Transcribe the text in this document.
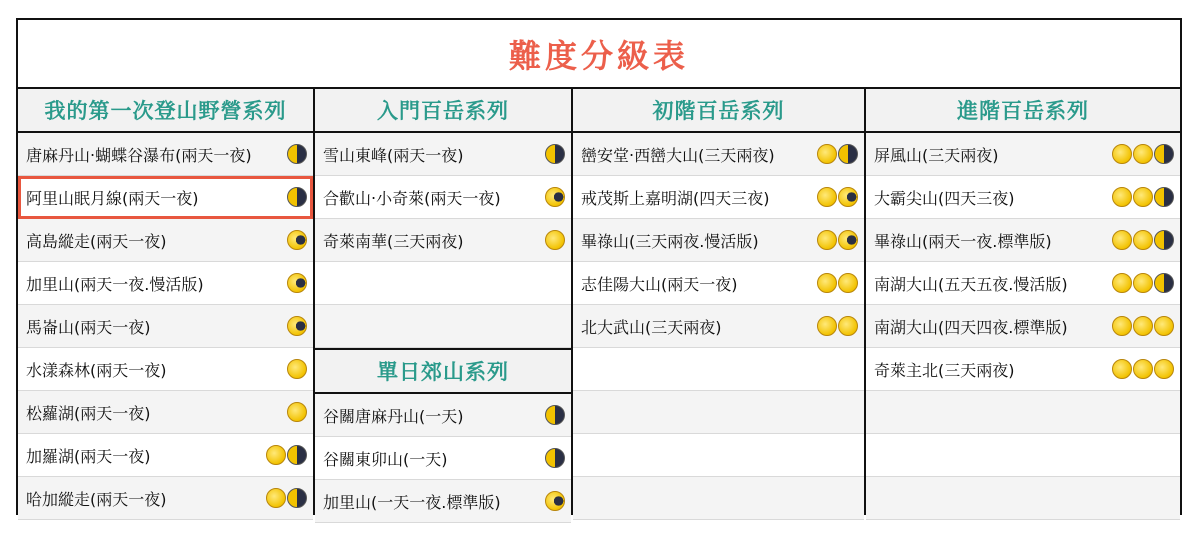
難度分級表
我的第一次登山野營系列
唐麻丹山‧蝴蝶谷瀑布(兩天一夜)
阿里山眠月線(兩天一夜)
高島縱走(兩天一夜)
加里山(兩天一夜.慢活版)
馬崙山(兩天一夜)
水漾森林(兩天一夜)
松蘿湖(兩天一夜)
加羅湖(兩天一夜)
哈加縱走(兩天一夜)
入門百岳系列
雪山東峰(兩天一夜)
合歡山‧小奇萊(兩天一夜)
奇萊南華(三天兩夜)
單日郊山系列
谷關唐麻丹山(一天)
谷關東卯山(一天)
加里山(一天一夜.標準版)
初階百岳系列
巒安堂‧西巒大山(三天兩夜)
戒茂斯上嘉明湖(四天三夜)
畢祿山(三天兩夜.慢活版)
志佳陽大山(兩天一夜)
北大武山(三天兩夜)
進階百岳系列
屏風山(三天兩夜)
大霸尖山(四天三夜)
畢祿山(兩天一夜.標準版)
南湖大山(五天五夜.慢活版)
南湖大山(四天四夜.標準版)
奇萊主北(三天兩夜)
